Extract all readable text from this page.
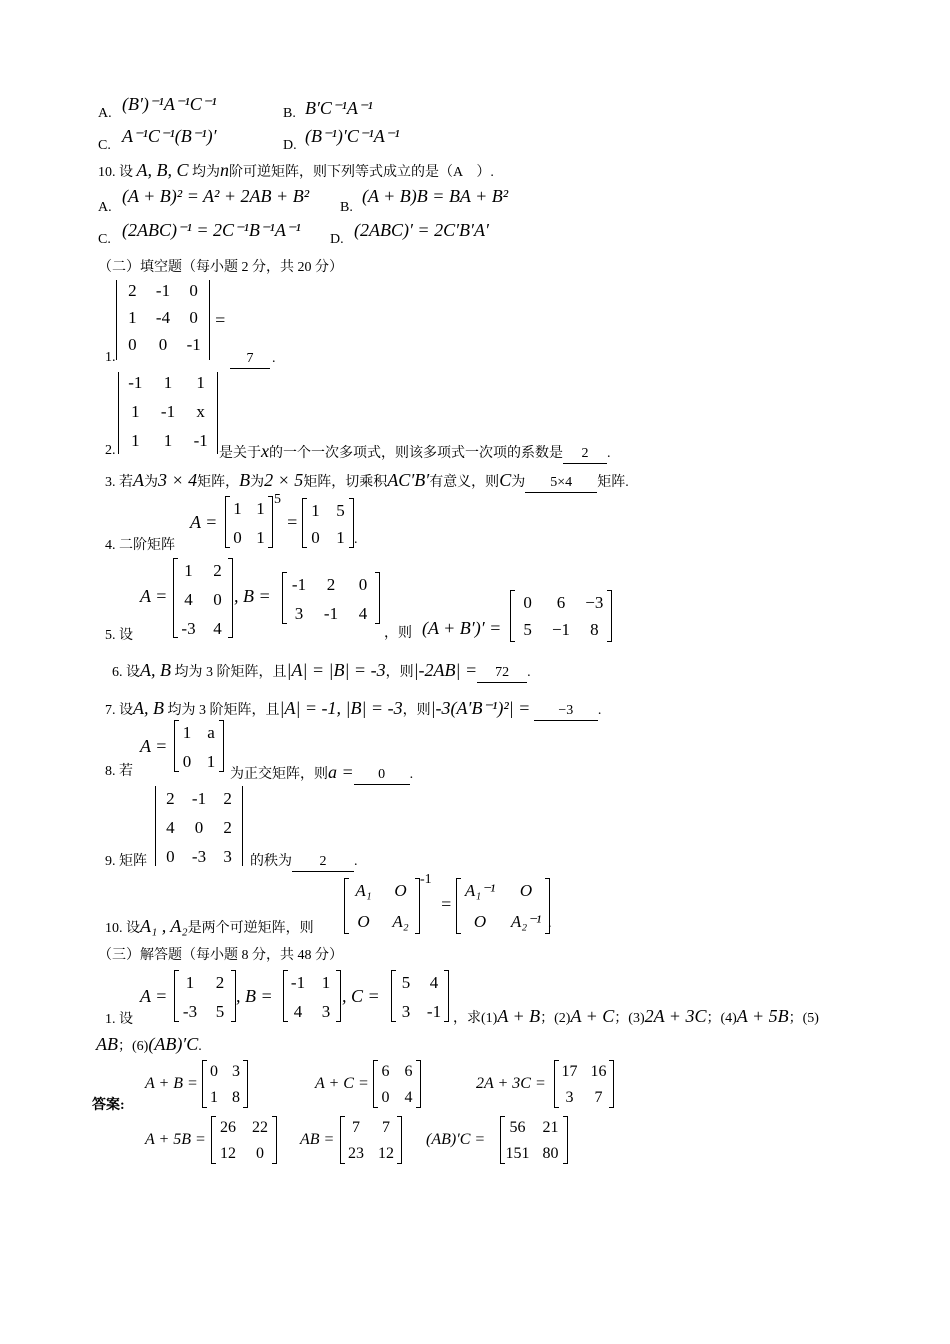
A. (B′)⁻¹A⁻¹C⁻¹	B. B′C⁻¹A⁻¹
C. A⁻¹C⁻¹(B⁻¹)′	D. (B⁻¹)′C⁻¹A⁻¹
10. 设 A, B, C 均为n阶可逆矩阵，则下列等式成立的是（A　）.
A.
(A + B)² = A² + 2AB + B²
B.
(A + B)B = BA + B²
C. (2ABC)⁻¹ = 2C⁻¹B⁻¹A⁻¹ D. (2ABC)′ = 2C′B′A′
（二）填空题（每小题 2 分，共 20 分）
1.
2	-1	0
1	-4	0
0	0	-1
=
7	.
2.
-1	1	1
1	-1	x
1	1	-1
是关于x的一个一次多项式，则该多项式一次项的系数是 2 .
3. 若A为3 × 4矩阵，B为2 × 5矩阵，切乘积AC′B′有意义，则C为 5×4 矩阵.
4. 二阶矩阵
A =
1 1
0 1
5
=
1 5
0 1 .
5. 设
A =
1	2
4	0
-3	4
, B =
-1	2	0
3	-1	4
，则 (A + B′)′ =
0	6	−3
5	−1	8
6. 设A, B 均为 3 阶矩阵，且|A| = |B| = -3，则|-2AB| = 72 .
7. 设A, B 均为 3 阶矩阵，且|A| = -1, |B| = -3，则|-3(A′B⁻¹)²| = −3 .
8. 若
A =
1 a
0 1
为正交矩阵，则a = 0 .
9. 矩阵
2	-1	2
4	0	2
0	-3	3	的秩为 2 .
10. 设A₁ , A₂是两个可逆矩阵，则
A₁	O
O	A₂
-1
=
A₁⁻¹	O
O	A₂⁻¹ .
（三）解答题（每小题 8 分，共 48 分）
1. 设
A =
1	2
-3	5
, B =
-1 1
4	3
, C =
5	4
3 -1 ，求(1)A + B；(2)A + C；(3)2A + 3C；(4)A + 5B；(5)
AB；(6)(AB)′C.
答案:
A + B =
0 3
1 8
A + C =
6 6
0 4
2A + 3C =
17 16
3	7
A + 5B =
26	22
12	0
AB =
7	7
23 12
(AB)′C =
56	21
151 80
